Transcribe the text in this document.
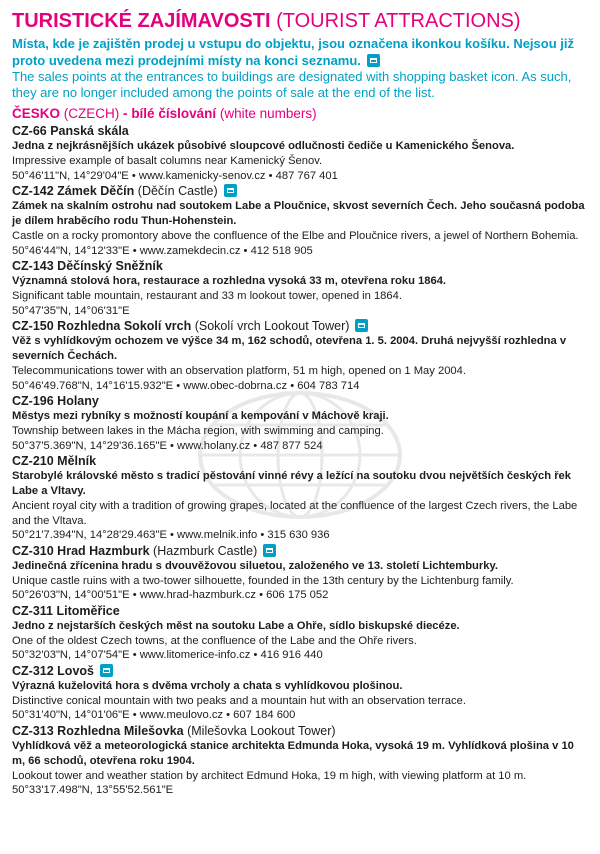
TURISTICKÉ ZAJÍMAVOSTI (TOURIST ATTRACTIONS)
Místa, kde je zajištěn prodej u vstupu do objektu, jsou označena ikonkou košíku. Nejsou již proto uvedena mezi prodejními místy na konci seznamu.
The sales points at the entrances to buildings are designated with shopping basket icon. As such, they are no longer included among the points of sale at the end of the list.
ČESKO (CZECH) - bílé číslování (white numbers)
CZ-66 Panská skála
Jedna z nejkrásnějších ukázek působivé sloupcové odlučnosti čediče u Kamenického Šenova.
Impressive example of basalt columns near Kamenický Šenov.
50°46'11"N, 14°29'04"E • www.kamenicky-senov.cz • 487 767 401
CZ-142 Zámek Děčín (Děčín Castle)
Zámek na skalním ostrohu nad soutokem Labe a Ploučnice, skvost severních Čech. Jeho současná podoba je dílem hraběcího rodu Thun-Hohenstein.
Castle on a rocky promontory above the confluence of the Elbe and Ploučnice rivers, a jewel of Northern Bohemia.
50°46'44"N, 14°12'33"E • www.zamekdecin.cz • 412 518 905
CZ-143 Děčínský Sněžník
Významná stolová hora, restaurace a rozhledna vysoká 33 m, otevřena roku 1864.
Significant table mountain, restaurant and 33 m lookout tower, opened in 1864.
50°47'35"N, 14°06'31"E
CZ-150 Rozhledna Sokolí vrch (Sokolí vrch Lookout Tower)
Věž s vyhlídkovým ochozem ve výšce 34 m, 162 schodů, otevřena 1. 5. 2004. Druhá nejvyšší rozhledna v severních Čechách.
Telecommunications tower with an observation platform, 51 m high, opened on 1 May 2004.
50°46'49.768"N, 14°16'15.932"E • www.obec-dobrna.cz • 604 783 714
CZ-196 Holany
Městys mezi rybníky s možností koupání a kempování v Máchově kraji.
Township between lakes in the Mácha region, with swimming and camping.
50°37'5.369"N, 14°29'36.165"E • www.holany.cz • 487 877 524
CZ-210 Mělník
Starobylé královské město s tradicí pěstování vinné révy a ležící na soutoku dvou největších českých řek Labe a Vltavy.
Ancient royal city with a tradition of growing grapes, located at the confluence of the largest Czech rivers, the Labe and the Vltava.
50°21'7.394"N, 14°28'29.463"E • www.melnik.info • 315 630 936
CZ-310 Hrad Hazmburk (Hazmburk Castle)
Jedinečná zřícenina hradu s dvouvěžovou siluetou, založeného ve 13. století Lichtemburky.
Unique castle ruins with a two-tower silhouette, founded in the 13th century by the Lichtenburg family.
50°26'03"N, 14°00'51"E • www.hrad-hazmburk.cz • 606 175 052
CZ-311 Litoměřice
Jedno z nejstarších českých měst na soutoku Labe a Ohře, sídlo biskupské diecéze.
One of the oldest Czech towns, at the confluence of the Labe and the Ohře rivers.
50°32'03"N, 14°07'54"E • www.litomerice-info.cz • 416 916 440
CZ-312 Lovoš
Výrazná kuželovitá hora s dvěma vrcholy a chata s vyhlídkovou plošinou.
Distinctive conical mountain with two peaks and a mountain hut with an observation terrace.
50°31'40"N, 14°01'06"E • www.meulovo.cz • 607 184 600
CZ-313 Rozhledna Milešovka (Milešovka Lookout Tower)
Vyhlídková věž a meteorologická stanice architekta Edmunda Hoka, vysoká 19 m. Vyhlídková plošina v 10 m, 66 schodů, otevřena roku 1904.
Lookout tower and weather station by architect Edmund Hoka, 19 m high, with viewing platform at 10 m.
50°33'17.498"N, 13°55'52.561"E
